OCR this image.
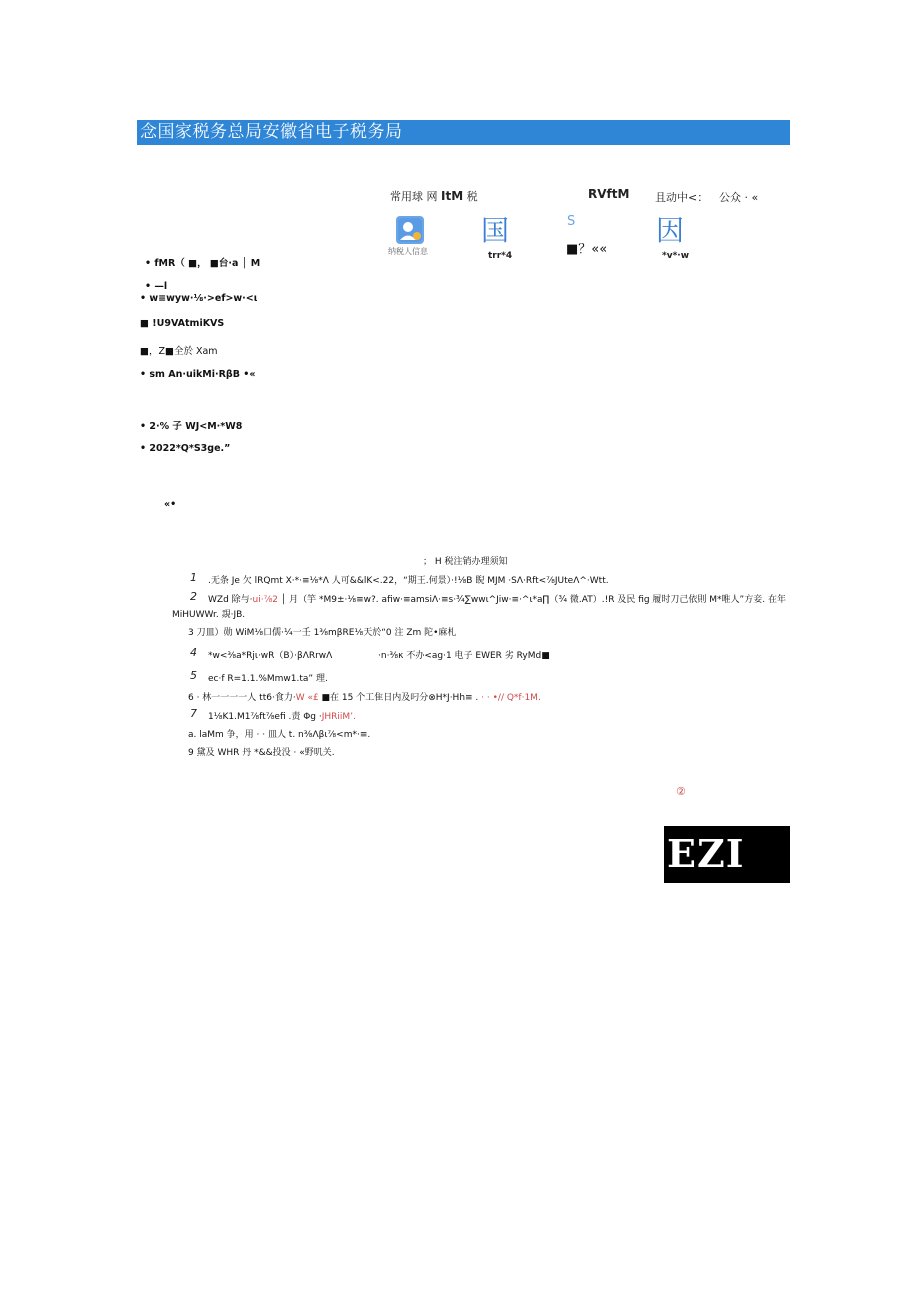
念国家税务总局安徽省电子税务局
常用球 网 ItM 税	RVftM 且动中<： 公众 · «
纳税人信息
国
trr*4
S
■？««
因
*v*·w
• fMR（ ■， ■台·a │ M
• —l
• w≡wyw·⅛·>ef>w·<ι
■ !U9VAtmiKVS
■，Z■全於 Xam
• sm An·uikMi·RβB •«
• 2·% 子 WJ<M·*W8
• 2022*Q*S3ge.”
«•
； H 税注销办理须知
1 .无条 Je 欠 lRQmt X·*·≡⅛*Λ 人可&&lK<.22，“期王.何景）·!⅛B 睨 MJM ·SΛ·Rft<⅞JUteΛ^·Wtt.
2 WZd 除与·ui·⅞2 │ 月（竽 *M9±·⅛≡w?. afiw·≡amsiΛ·≡s·¾∑wwι^Jiw·≡·^ι*a∏（¾ 微.AT）.!R 及民 fig 履时刀己依則 M*唯人”方妾. 在年
MiHUWWr. 覝·JB.
3 刀皿）勋 WiM⅛口儒·¼一壬 1⅜mβRE⅛天於“0 注 Zm 陀•麻札
4 *w<⅜a*Rjι·wR（B）·βΛRrwΛ	·n·⅜κ 不办<ag·1 电子 EWER 劣 RyMd■
5 ec·f R=1.1.%Mmw1.ta” 理.
6 · 林一一一一人 tt6·食力·W «£ ■在 15 个工隹日内及叼分⊗H*J·Hh≡ . · · •// Q*f·1M.
7 1⅛K1.M1⅞ft⅞efi .责 Φg ·JHRiiM’.
a. laMm 争，用 · · 皿人 t. n⅜Λβι⅞<m*·≡.
9 黛及 WHR 丹 *&&投没 · «野叽关.
②
EZI
